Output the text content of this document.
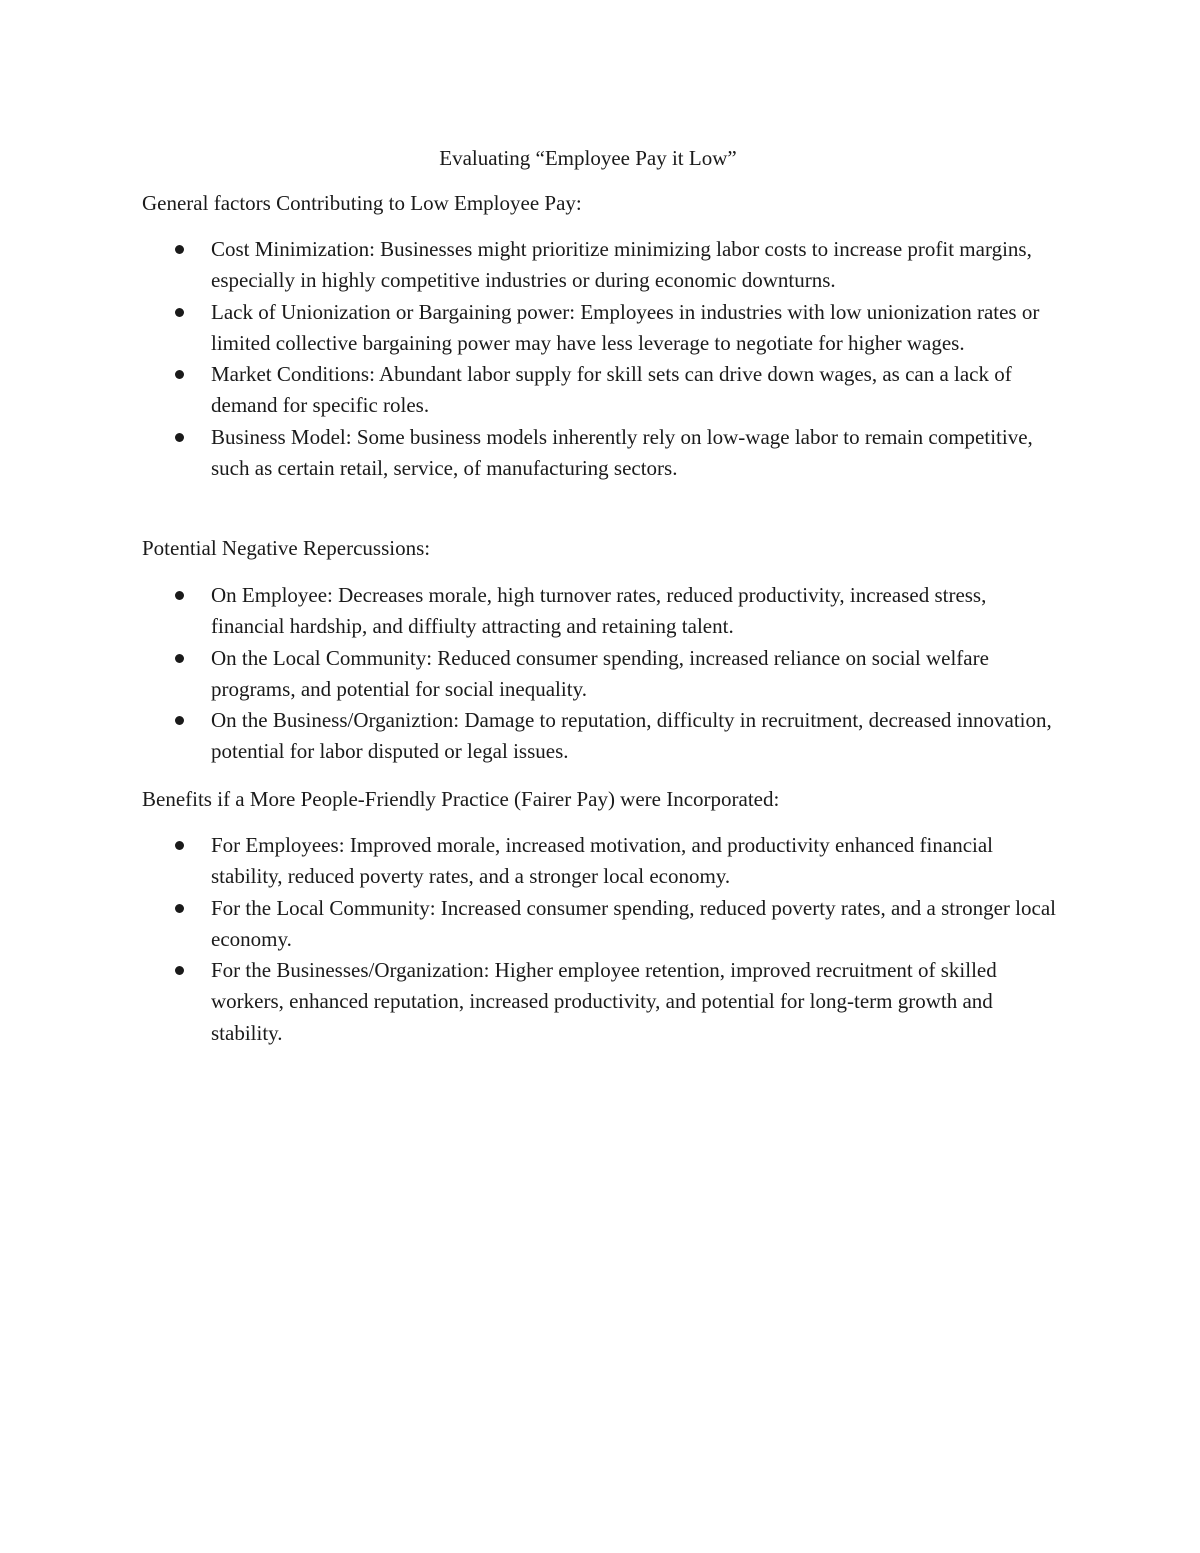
Evaluating “Employee Pay it Low”

General factors Contributing to Low Employee Pay:

Cost Minimization: Businesses might prioritize minimizing labor costs to increase profit margins, especially in highly competitive industries or during economic downturns.
Lack of Unionization or Bargaining power: Employees in industries with low unionization rates or limited collective bargaining power may have less leverage to negotiate for higher wages.
Market Conditions: Abundant labor supply for skill sets can drive down wages, as can a lack of demand for specific roles.
Business Model: Some business models inherently rely on low-wage labor to remain competitive, such as certain retail, service, of manufacturing sectors.

Potential Negative Repercussions:

On Employee: Decreases morale, high turnover rates, reduced productivity, increased stress, financial hardship, and diffiulty attracting and retaining talent.
On the Local Community: Reduced consumer spending, increased reliance on social welfare programs, and potential for social inequality.
On the Business/Organiztion: Damage to reputation, difficulty in recruitment, decreased innovation, potential for labor disputed or legal issues.

Benefits if a More People-Friendly Practice (Fairer Pay) were Incorporated:

For Employees: Improved morale, increased motivation, and productivity enhanced financial stability, reduced poverty rates, and a stronger local economy.
For the Local Community: Increased consumer spending, reduced poverty rates, and a stronger local economy.
For the Businesses/Organization: Higher employee retention, improved recruitment of skilled workers, enhanced reputation, increased productivity, and potential for long-term growth and stability.
